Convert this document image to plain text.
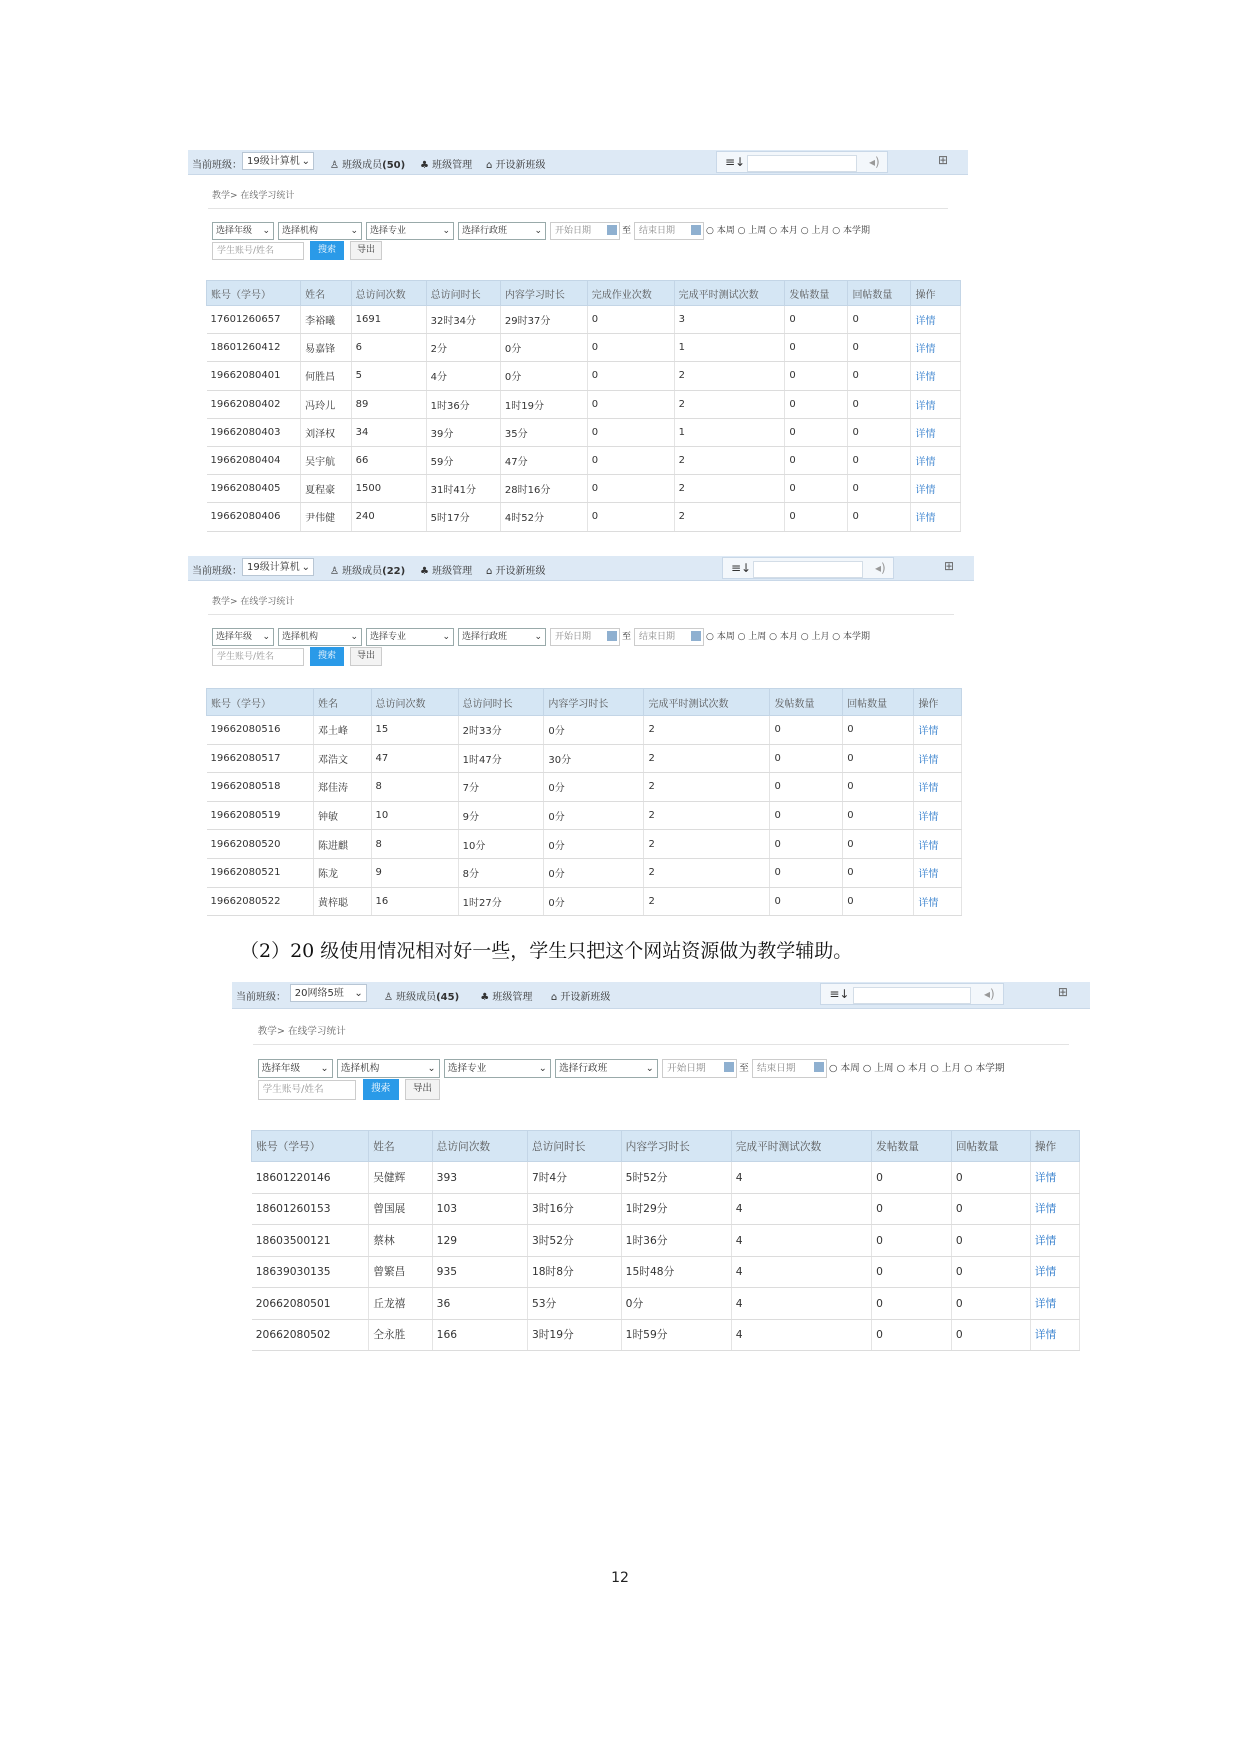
当前班级： 19级计算机 ⌄ ♙ 班级成员(50) ♣ 班级管理 ⌂ 开设新班级	≡↓	◂)	⊞
教学> 在线学习统计
选择年级 ⌄	选择机构	⌄	选择专业	⌄	选择行政班	⌄	开始日期	至 结束日期	○ 本周 ○ 上周 ○ 本月 ○ 上月 ○ 本学期
学生账号/姓名	搜索	导出
账号（学号）	姓名	总访问次数	总访问时长	内容学习时长	完成作业次数	完成平时测试次数	发帖数量	回帖数量	操作
17601260657	李裕曦	1691	32时34分	29时37分	0	3	0	0	详情
18601260412	易嘉锋	6	2分	0分	0	1	0	0	详情
19662080401	何胜昌	5	4分	0分	0	2	0	0	详情
19662080402	冯玲儿	89	1时36分	1时19分	0	2	0	0	详情
19662080403	刘泽权	34	39分	35分	0	1	0	0	详情
19662080404	吴宇航	66	59分	47分	0	2	0	0	详情
19662080405	夏程豪	1500	31时41分	28时16分	0	2	0	0	详情
19662080406	尹伟健	240	5时17分	4时52分	0	2	0	0	详情
当前班级： 19级计算机 ⌄ ♙ 班级成员(22) ♣ 班级管理 ⌂ 开设新班级	≡↓	◂)	⊞
教学> 在线学习统计
选择年级 ⌄	选择机构	⌄	选择专业	⌄	选择行政班	⌄	开始日期	至 结束日期	○ 本周 ○ 上周 ○ 本月 ○ 上月 ○ 本学期
学生账号/姓名	搜索	导出
账号（学号）	姓名	总访问次数	总访问时长	内容学习时长	完成平时测试次数	发帖数量	回帖数量	操作
19662080516	邓土峰	15	2时33分	0分	2	0	0	详情
19662080517	邓浩文	47	1时47分	30分	2	0	0	详情
19662080518	郑佳涛	8	7分	0分	2	0	0	详情
19662080519	钟敏	10	9分	0分	2	0	0	详情
19662080520	陈进麒	8	10分	0分	2	0	0	详情
19662080521	陈龙	9	8分	0分	2	0	0	详情
19662080522	黄梓聪	16	1时27分	0分	2	0	0	详情
当前班级： 20网络5班 ⌄ ♙ 班级成员(45) ♣ 班级管理 ⌂ 开设新班级	≡↓	◂)	⊞
教学> 在线学习统计
选择年级 ⌄	选择机构	⌄	选择专业	⌄	选择行政班	⌄	开始日期	至 结束日期	○ 本周 ○ 上周 ○ 本月 ○ 上月 ○ 本学期
学生账号/姓名	搜索	导出
账号（学号）	姓名	总访问次数	总访问时长	内容学习时长	完成平时测试次数	发帖数量	回帖数量	操作
18601220146	吴健辉	393	7时4分	5时52分	4	0	0	详情
18601260153	曾国展	103	3时16分	1时29分	4	0	0	详情
18603500121	蔡林	129	3时52分	1时36分	4	0	0	详情
18639030135	曾繁昌	935	18时8分	15时48分	4	0	0	详情
20662080501	丘龙禧	36	53分	0分	4	0	0	详情
20662080502	仝永胜	166	3时19分	1时59分	4	0	0	详情
（2）20 级使用情况相对好一些，学生只把这个网站资源做为教学辅助。
12
